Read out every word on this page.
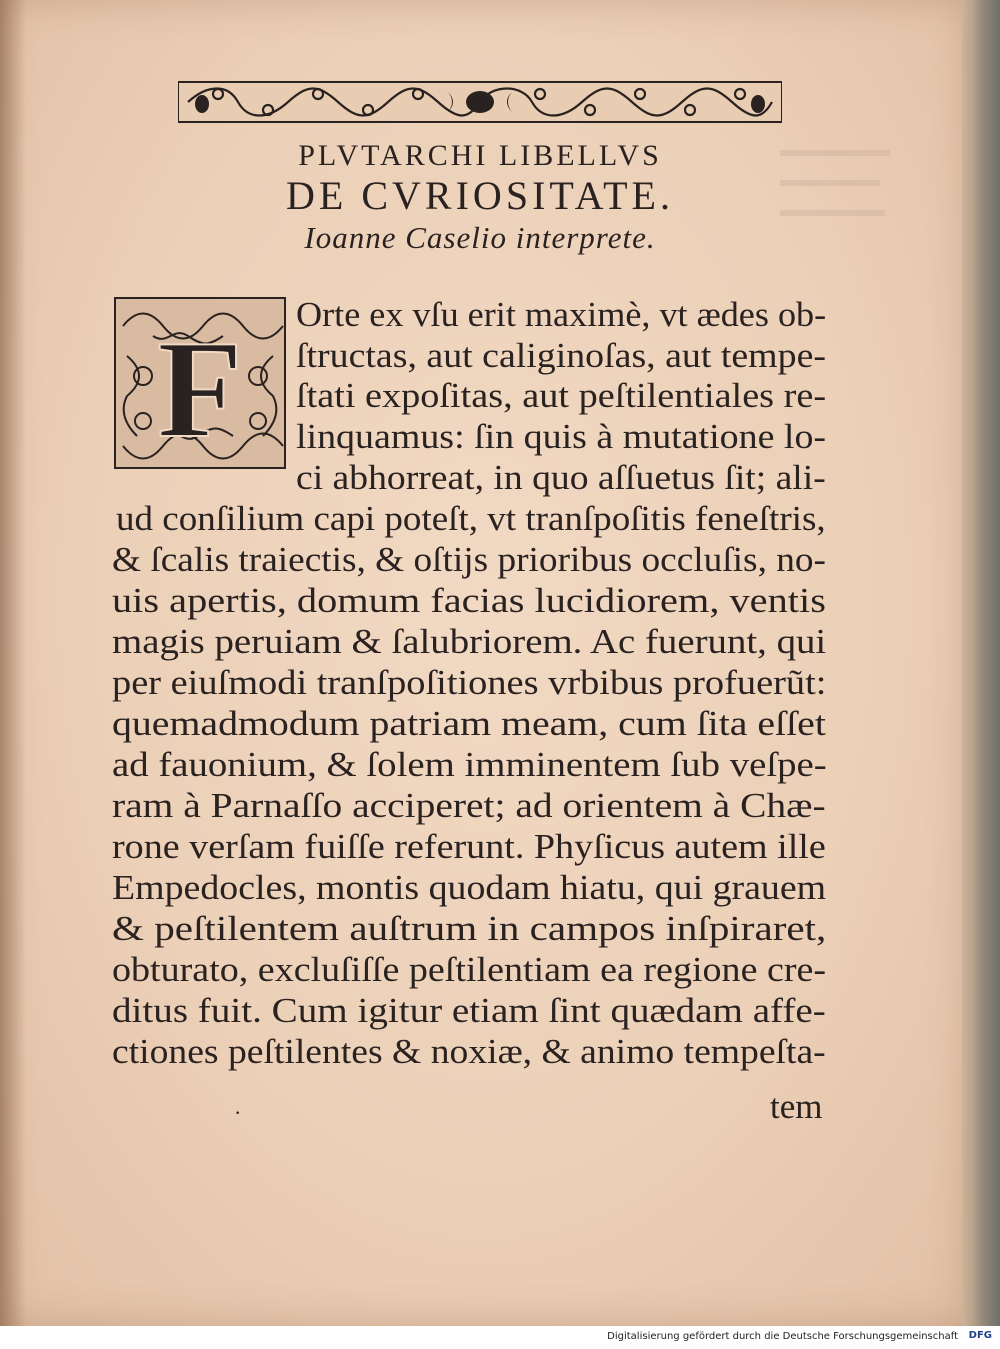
PLVTARCHI LIBELLVS
DE CVRIOSITATE.
Ioanne Caselio interprete.
F Orte ex vſu erit maximè, vt ædes ob-
ſtructas, aut caliginoſas, aut tempe-
ſtati expoſitas, aut peſtilentiales re-
linquamus: ſin quis à mutatione lo-
ci abhorreat, in quo aſſuetus ſit; ali-
ud conſilium capi poteſt, vt tranſpoſitis feneſtris,
& ſcalis traiectis, & oſtijs prioribus occluſis, no-
uis apertis, domum facias lucidiorem, ventis
magis peruiam & ſalubriorem. Ac fuerunt, qui
per eiuſmodi tranſpoſitiones vrbibus profuerũt:
quemadmodum patriam meam, cum ſita eſſet
ad fauonium, & ſolem imminentem ſub veſpe-
ram à Parnaſſo acciperet; ad orientem à Chæ-
rone verſam fuiſſe referunt. Phyſicus autem ille
Empedocles, montis quodam hiatu, qui grauem
& peſtilentem auſtrum in campos inſpiraret,
obturato, excluſiſſe peſtilentiam ea regione cre-
ditus fuit. Cum igitur etiam ſint quædam affe-
ctiones peſtilentes & noxiæ, & animo tempeſta-
·	tem
Digitalisierung gefördert durch die Deutsche Forschungsgemeinschaft DFG
